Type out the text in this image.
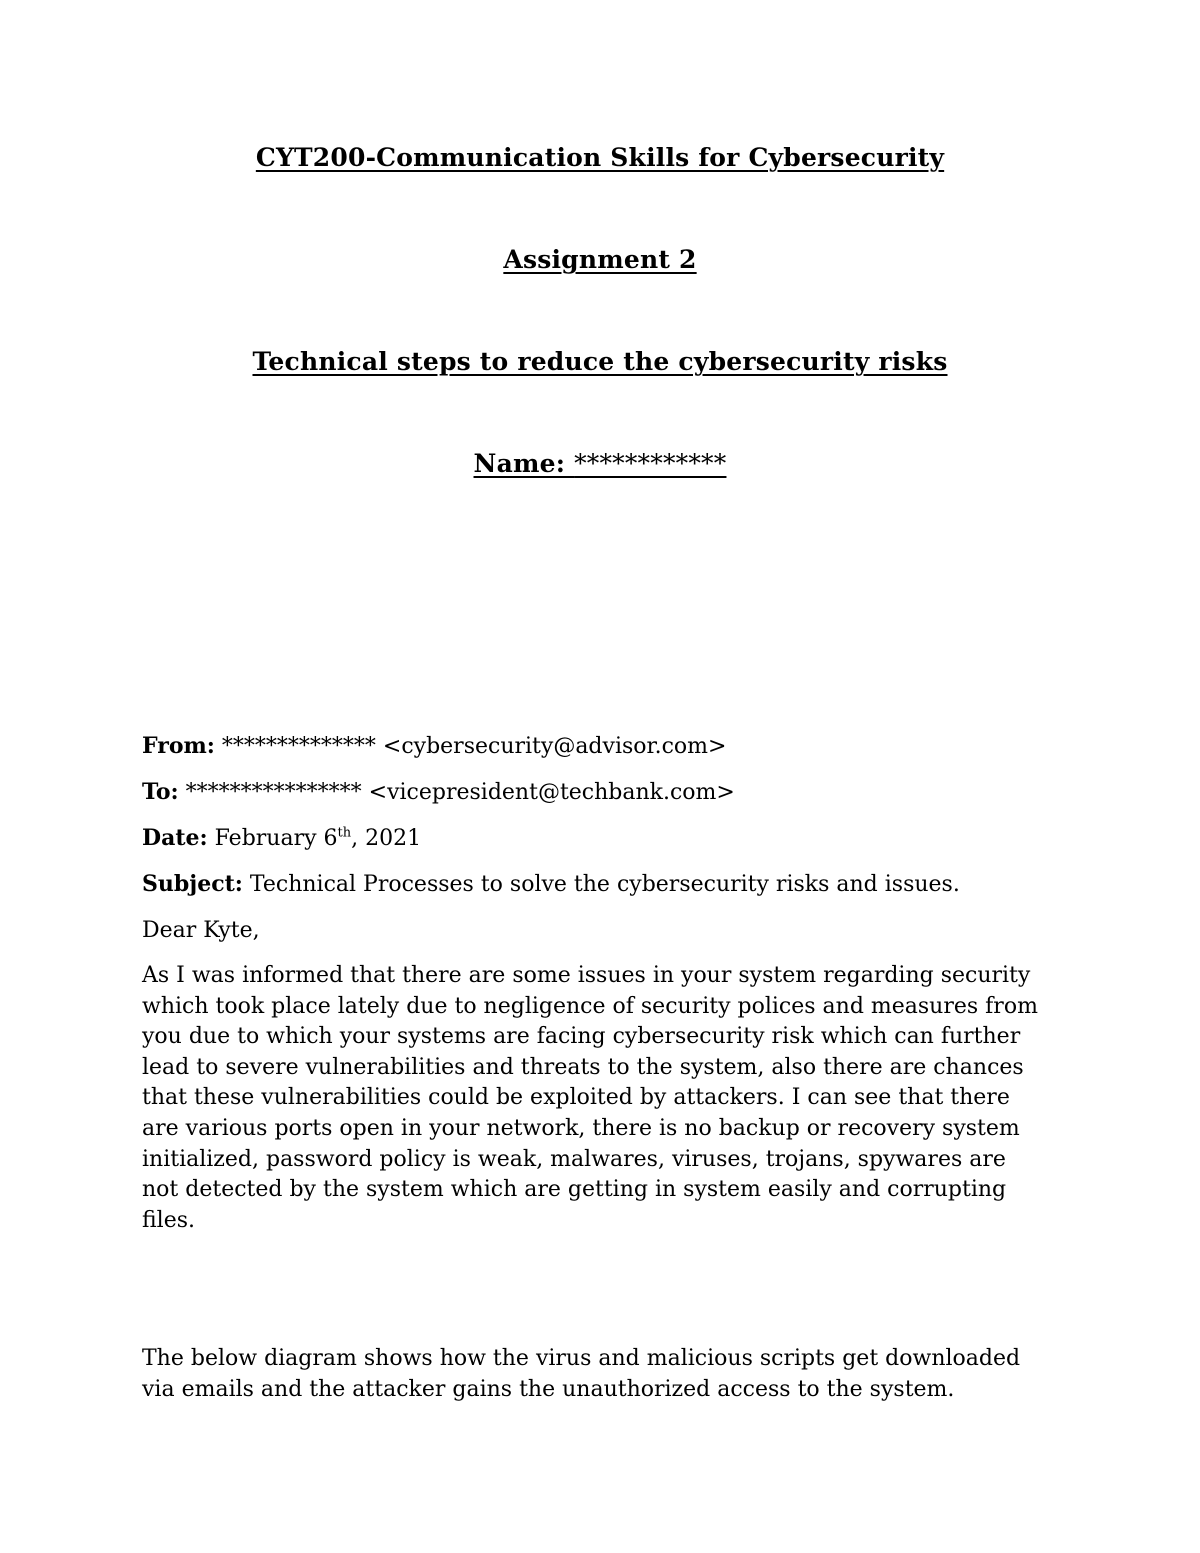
CYT200-Communication Skills for Cybersecurity
Assignment 2
Technical steps to reduce the cybersecurity risks
Name: ************
From: ************** <cybersecurity@advisor.com>
To: **************** <vicepresident@techbank.com>
Date: February 6th, 2021
Subject: Technical Processes to solve the cybersecurity risks and issues.
Dear Kyte,
As I was informed that there are some issues in your system regarding security
which took place lately due to negligence of security polices and measures from
you due to which your systems are facing cybersecurity risk which can further
lead to severe vulnerabilities and threats to the system, also there are chances
that these vulnerabilities could be exploited by attackers. I can see that there
are various ports open in your network, there is no backup or recovery system
initialized, password policy is weak, malwares, viruses, trojans, spywares are
not detected by the system which are getting in system easily and corrupting
files.
The below diagram shows how the virus and malicious scripts get downloaded
via emails and the attacker gains the unauthorized access to the system.
